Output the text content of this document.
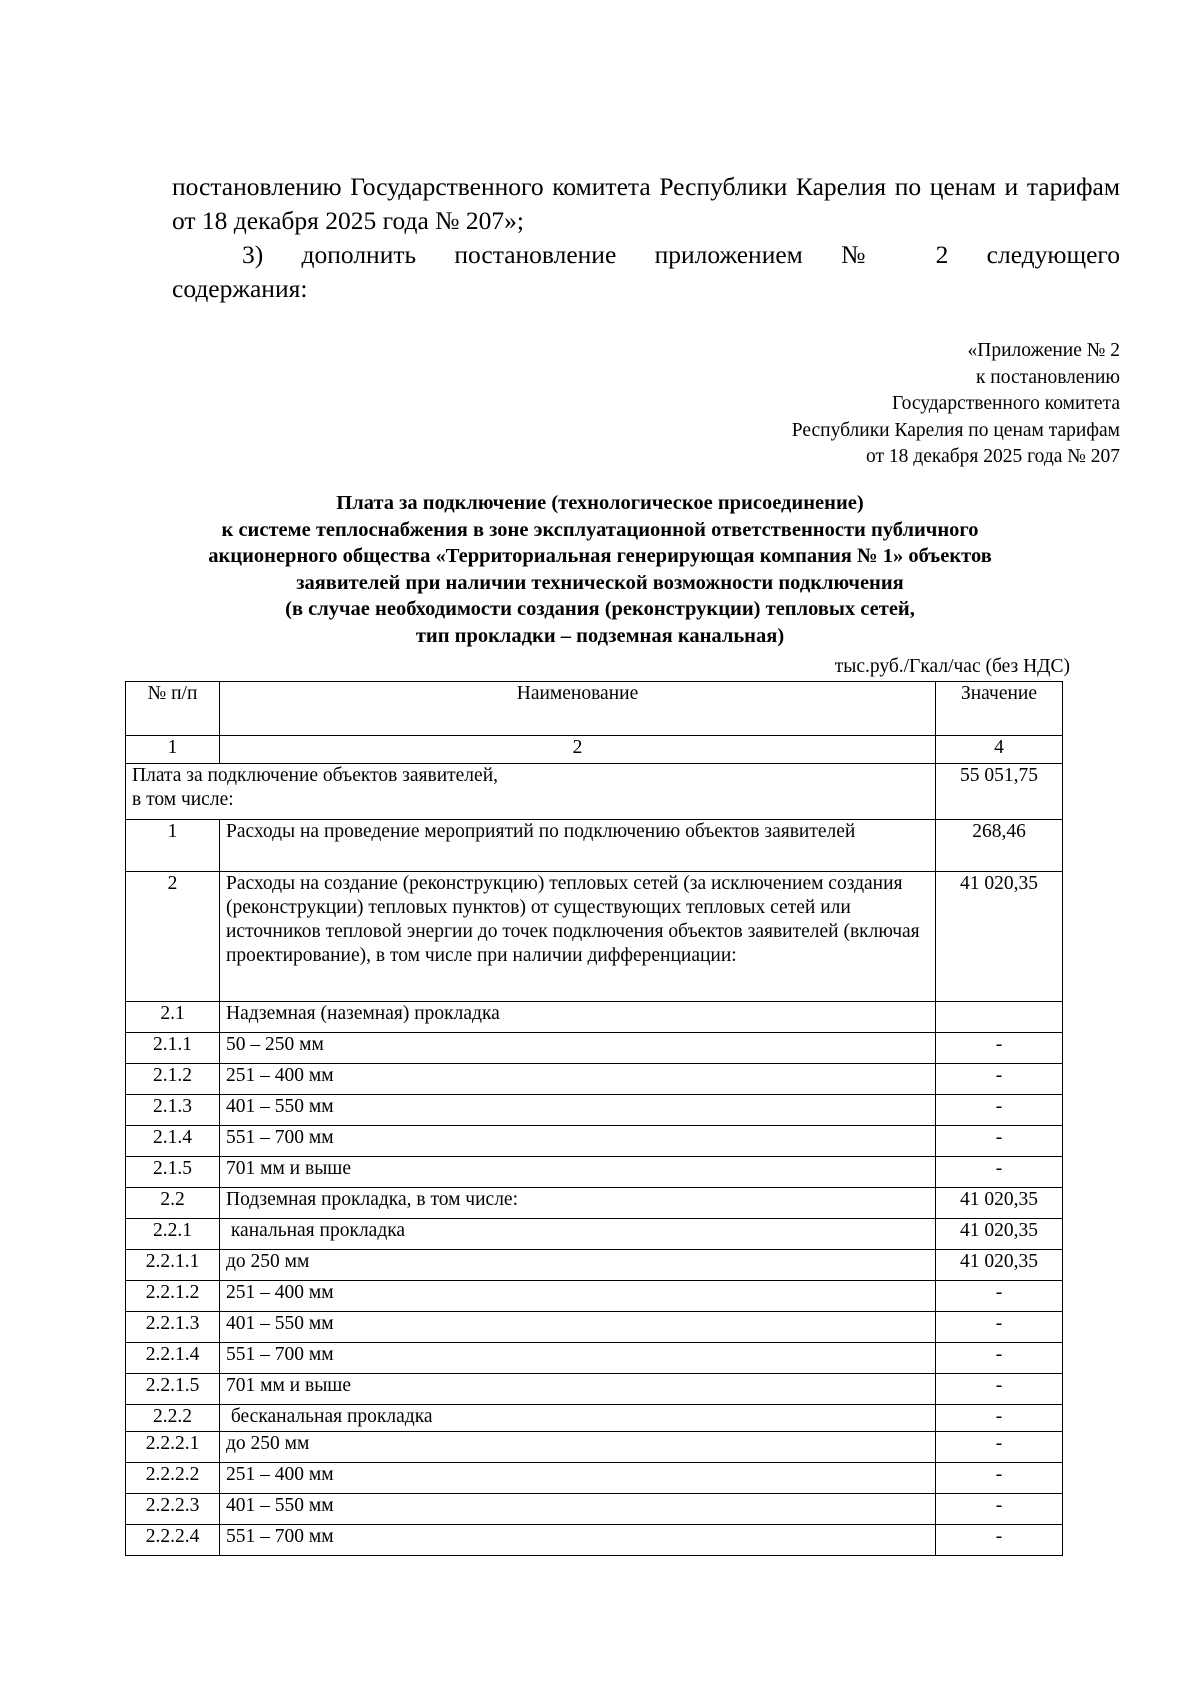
постановлению Государственного комитета Республики Карелия по ценам и тарифам от 18 декабря 2025 года № 207»;

3) дополнить постановление приложением № 2 следующего

содержания:

«Приложение № 2
к постановлению
Государственного комитета
Республики Карелия по ценам тарифам
от 18 декабря 2025 года № 207
Плата за подключение (технологическое присоединение)
к системе теплоснабжения в зоне эксплуатационной ответственности публичного
акционерного общества «Территориальная генерирующая компания № 1» объектов
заявителей при наличии технической возможности подключения
(в случае необходимости создания (реконструкции) тепловых сетей,
тип прокладки – подземная канальная)
тыс.руб./Гкал/час (без НДС)
№ п/п	Наименование	Значение
1	2	4
Плата за подключение объектов заявителей,
в том числе:		55 051,75
1	Расходы на проведение мероприятий по подключению объектов заявителей	268,46
2	Расходы на создание (реконструкцию) тепловых сетей (за исключением создания (реконструкции) тепловых пунктов) от существующих тепловых сетей или источников тепловой энергии до точек подключения объектов заявителей (включая проектирование), в том числе при наличии дифференциации:	41 020,35
2.1	Надземная (наземная) прокладка	
2.1.1	50 – 250 мм	-
2.1.2	251 – 400 мм	-
2.1.3	401 – 550 мм	-
2.1.4	551 – 700 мм	-
2.1.5	701 мм и выше	-
2.2	Подземная прокладка, в том числе:	41 020,35
2.2.1	канальная прокладка	41 020,35
2.2.1.1	до 250 мм	41 020,35
2.2.1.2	251 – 400 мм	-
2.2.1.3	401 – 550 мм	-
2.2.1.4	551 – 700 мм	-
2.2.1.5	701 мм и выше	-
2.2.2	бесканальная прокладка	-
2.2.2.1	до 250 мм	-
2.2.2.2	251 – 400 мм	-
2.2.2.3	401 – 550 мм	-
2.2.2.4	551 – 700 мм	-
